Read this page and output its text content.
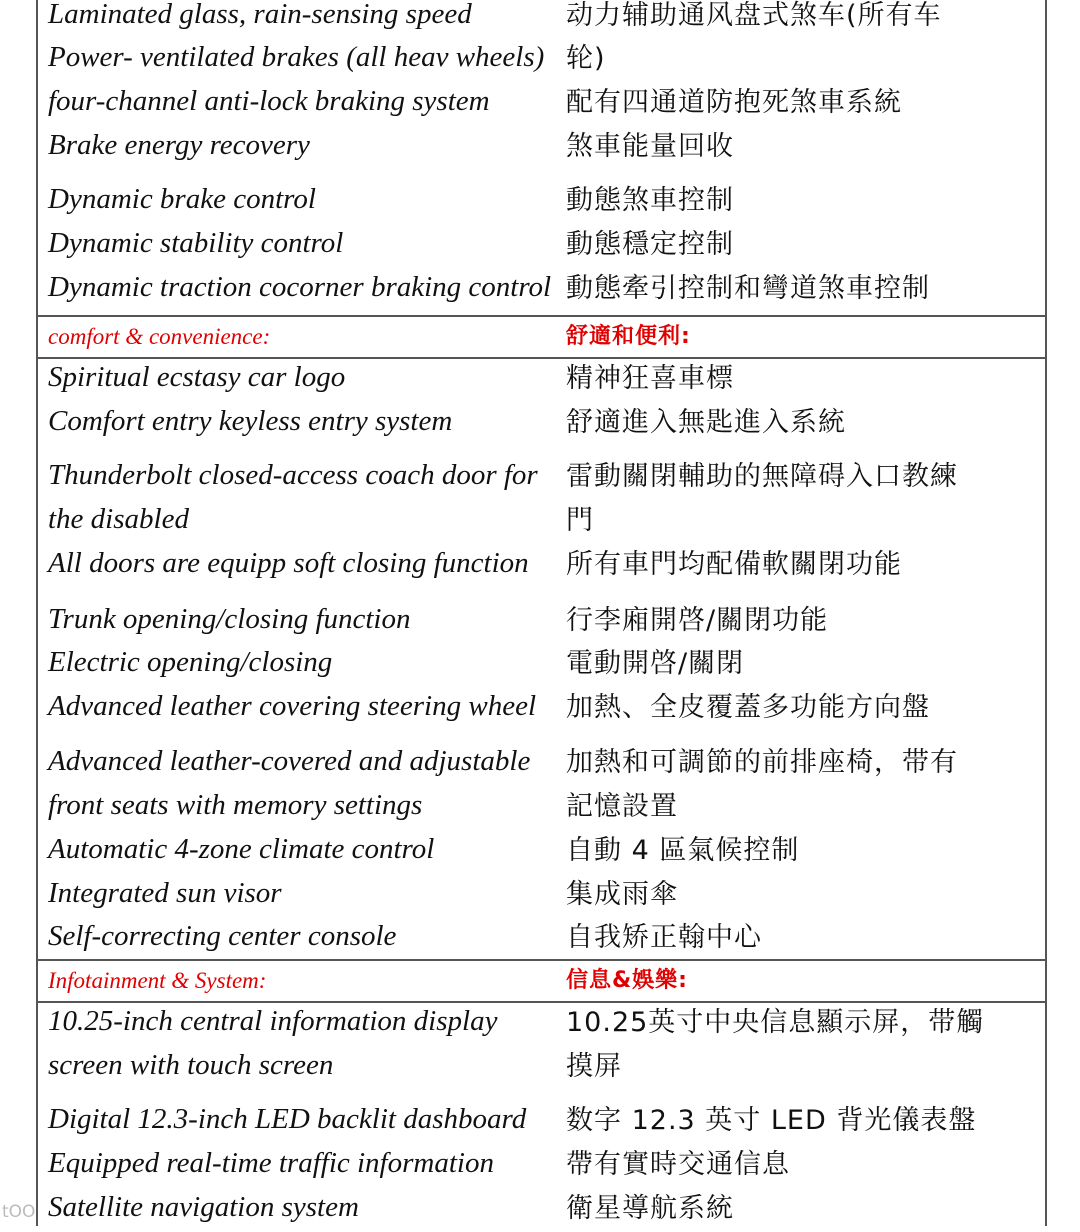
Laminated glass, rain-sensing speed	动力辅助通风盘式煞车(所有车
Power- ventilated brakes (all heav wheels) 轮)
four-channel anti-lock braking system	配有四通道防抱死煞車系統
Brake energy recovery	煞車能量回收
Dynamic brake control	動態煞車控制
Dynamic stability control	動態穩定控制
Dynamic traction cocorner braking control 動態牽引控制和彎道煞車控制
comfort & convenience:	舒適和便利:
Spiritual ecstasy car logo	精神狂喜車標
Comfort entry keyless entry system	舒適進入無匙進入系統
Thunderbolt closed-access coach door for	雷動關閉輔助的無障碍入口教練
the disabled	門
All doors are equipp soft closing function	所有車門均配備軟關閉功能
Trunk opening/closing function	行李廂開啓/關閉功能
Electric opening/closing	電動開啓/關閉
Advanced leather covering steering wheel	加熱、全皮覆蓋多功能方向盤
Advanced leather-covered and adjustable	加熱和可調節的前排座椅，带有
front seats with memory settings	記憶設置
Automatic 4-zone climate control	自動 4 區氣候控制
Integrated sun visor	集成雨傘
Self-correcting center console	自我矫正翰中心
Infotainment & System:	信息&娛樂:
10.25-inch central information display	10.25英寸中央信息顯示屏，带觸
screen with touch screen	摸屏
Digital 12.3-inch LED backlit dashboard	数字 12.3 英寸 LED 背光儀表盤
Equipped real-time traffic information	帶有實時交通信息
Satellite navigation system	衛星導航系統
tOO
